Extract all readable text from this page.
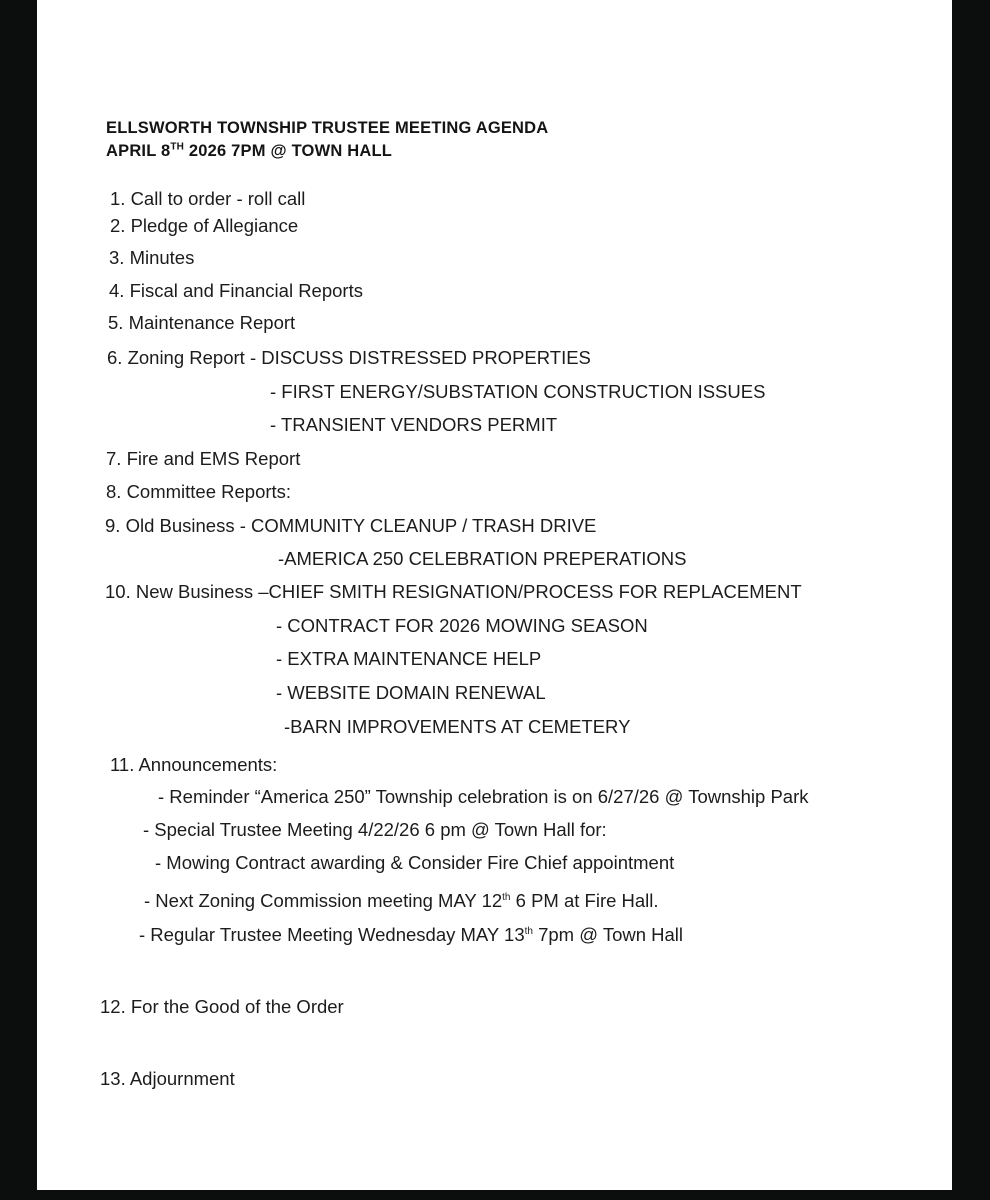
ELLSWORTH TOWNSHIP TRUSTEE MEETING AGENDA
APRIL 8TH 2026 7PM @ TOWN HALL
1. Call to order - roll call
2. Pledge of Allegiance
3. Minutes
4. Fiscal and Financial Reports
5. Maintenance Report
6. Zoning Report - DISCUSS DISTRESSED PROPERTIES
- FIRST ENERGY/SUBSTATION CONSTRUCTION ISSUES
- TRANSIENT VENDORS PERMIT
7. Fire and EMS Report
8. Committee Reports:
9. Old Business - COMMUNITY CLEANUP / TRASH DRIVE
-AMERICA 250 CELEBRATION PREPERATIONS
10. New Business –CHIEF SMITH RESIGNATION/PROCESS FOR REPLACEMENT
- CONTRACT FOR 2026 MOWING SEASON
- EXTRA MAINTENANCE HELP
- WEBSITE DOMAIN RENEWAL
-BARN IMPROVEMENTS AT CEMETERY
11. Announcements:
- Reminder “America 250” Township celebration is on 6/27/26 @ Township Park
- Special Trustee Meeting 4/22/26 6 pm @ Town Hall for:
- Mowing Contract awarding & Consider Fire Chief appointment
- Next Zoning Commission meeting MAY 12th 6 PM at Fire Hall.
- Regular Trustee Meeting Wednesday MAY 13th 7pm @ Town Hall
12. For the Good of the Order
13. Adjournment
